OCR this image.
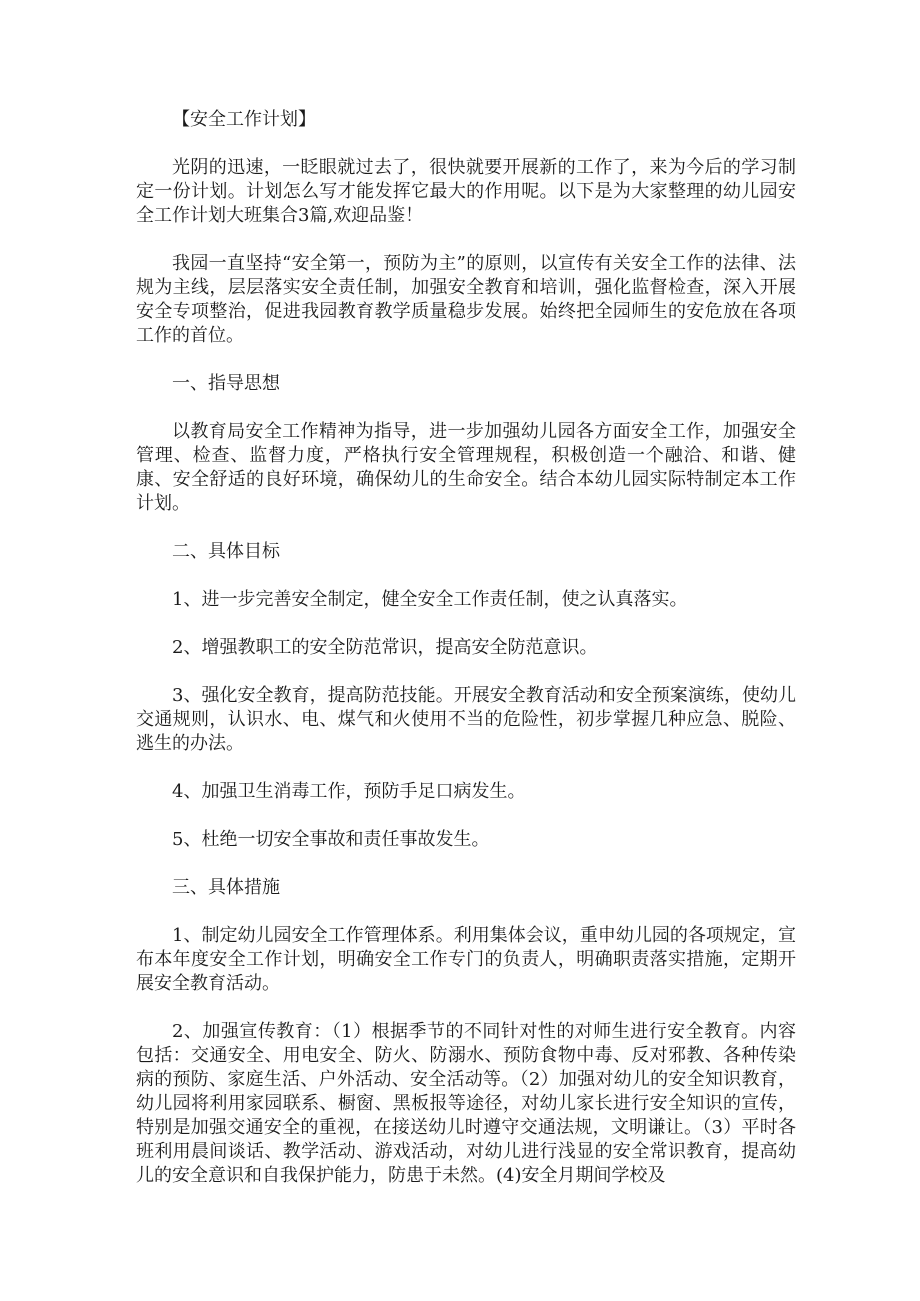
【安全工作计划】

光阴的迅速，一眨眼就过去了，很快就要开展新的工作了，来为今后的学习制定一份计划。计划怎么写才能发挥它最大的作用呢。以下是为大家整理的幼儿园安全工作计划大班集合3篇,欢迎品鉴！

我园一直坚持“安全第一，预防为主”的原则，以宣传有关安全工作的法律、法规为主线，层层落实安全责任制，加强安全教育和培训，强化监督检查，深入开展安全专项整治，促进我园教育教学质量稳步发展。始终把全园师生的安危放在各项工作的首位。

一、指导思想

以教育局安全工作精神为指导，进一步加强幼儿园各方面安全工作，加强安全管理、检查、监督力度，严格执行安全管理规程，积极创造一个融洽、和谐、健康、安全舒适的良好环境，确保幼儿的生命安全。结合本幼儿园实际特制定本工作计划。

二、具体目标

1、进一步完善安全制定，健全安全工作责任制，使之认真落实。

2、增强教职工的安全防范常识，提高安全防范意识。

3、强化安全教育，提高防范技能。开展安全教育活动和安全预案演练，使幼儿交通规则，认识水、电、煤气和火使用不当的危险性，初步掌握几种应急、脱险、逃生的办法。

4、加强卫生消毒工作，预防手足口病发生。

5、杜绝一切安全事故和责任事故发生。

三、具体措施

1、制定幼儿园安全工作管理体系。利用集体会议，重申幼儿园的各项规定，宣布本年度安全工作计划，明确安全工作专门的负责人，明确职责落实措施，定期开展安全教育活动。

2、加强宣传教育：（1）根据季节的不同针对性的对师生进行安全教育。内容包括：交通安全、用电安全、防火、防溺水、预防食物中毒、反对邪教、各种传染病的预防、家庭生活、户外活动、安全活动等。（2）加强对幼儿的安全知识教育，幼儿园将利用家园联系、橱窗、黑板报等途径，对幼儿家长进行安全知识的宣传，特别是加强交通安全的重视，在接送幼儿时遵守交通法规，文明谦让。（3）平时各班利用晨间谈话、教学活动、游戏活动，对幼儿进行浅显的安全常识教育，提高幼儿的安全意识和自我保护能力，防患于未然。(4)安全月期间学校及
